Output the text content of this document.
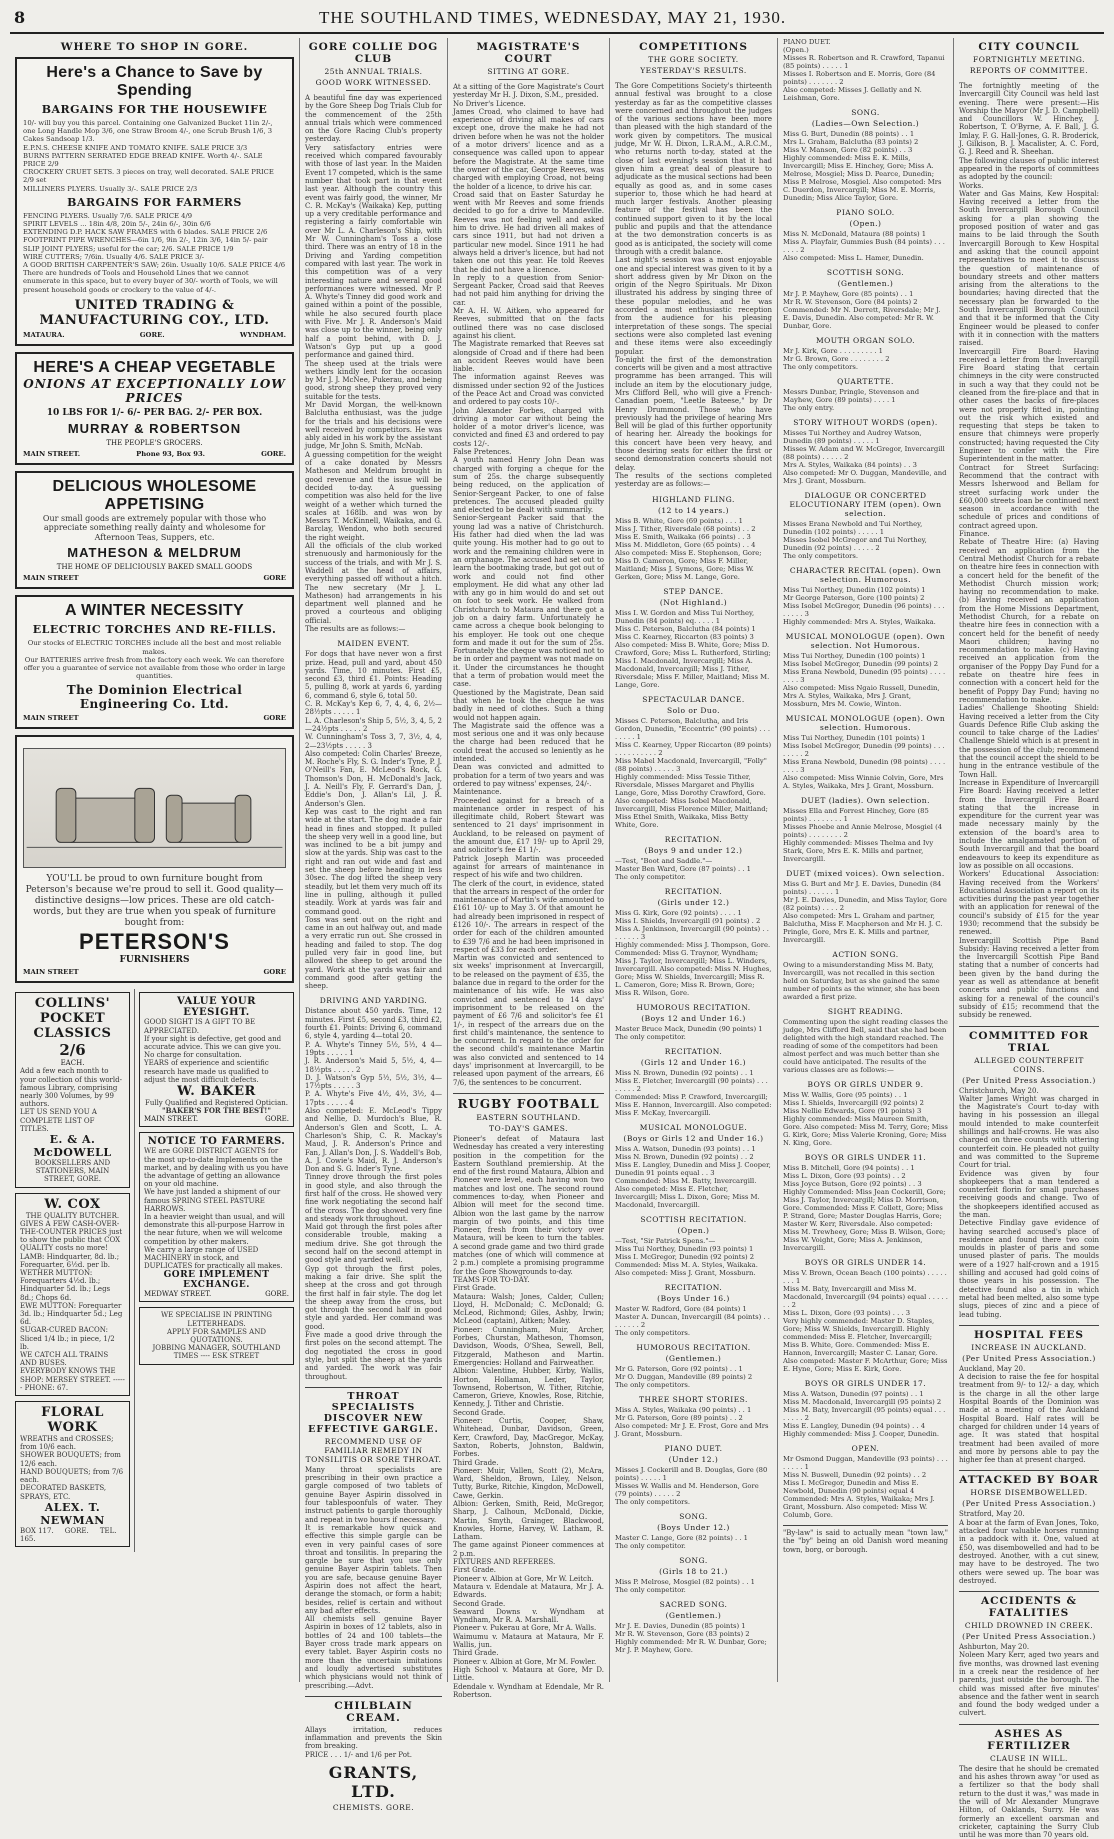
8	THE SOUTHLAND TIMES, WEDNESDAY, MAY 21, 1930.
WHERE TO SHOP IN GORE.
Here's a Chance to Save by Spending
BARGAINS FOR THE HOUSEWIFE
10/- will buy you this parcel. Containing one Galvanized Bucket 11in 2/-, one Long Handle Mop 3/6, one Straw Broom 4/-, one Scrub Brush 1/6, 3 Cakes Sandsoap 1/3.
E.P.N.S. CHEESE KNIFE AND TOMATO KNIFE. SALE PRICE 3/3
BURNS PATTERN SERRATED EDGE BREAD KNIFE. Worth 4/-. SALE PRICE 2/9
CROCKERY CRUET SETS. 3 pieces on tray, well decorated. SALE PRICE 2/9 set
MILLINERS PLYERS. Usually 3/-. SALE PRICE 2/3
BARGAINS FOR FARMERS
FENCING PLYERS. Usually 7/6. SALE PRICE 4/9
SPIRIT LEVELS ... 18in 4/8, 20in 5/-, 24in 6/-, 30in 6/6
EXTENDING D.P. HACK SAW FRAMES with 6 blades. SALE PRICE 2/6
FOOTPRINT PIPE WRENCHES—6in 1/6, 9in 2/-, 12in 3/6, 14in 5/- pair
SLIP JOINT PLYERS; useful for the car; 2/6. SALE PRICE 1/9
WIRE CUTTERS; 7/6in. Usually 4/6. SALE PRICE 3/-
A GOOD BRITISH CARPENTER'S SAW; 26in. Usually 10/6. SALE PRICE 4/6
There are hundreds of Tools and Household Lines that we cannot enumerate in this space, but to every buyer of 30/- worth of Tools, we will present household goods or crockery to the value of 4/-.
UNITED TRADING & MANUFACTURING COY., LTD.
MATAURA.	GORE.	WYNDHAM.
HERE'S A CHEAP VEGETABLE
ONIONS AT EXCEPTIONALLY LOW PRICES
10 LBS FOR 1/- 6/- PER BAG. 2/- PER BOX.
MURRAY & ROBERTSON
THE PEOPLE'S GROCERS.
MAIN STREET.	Phone 93, Box 93.	GORE.
DELICIOUS WHOLESOME APPETISING
Our small goods are extremely popular with those who appreciate something really dainty and wholesome for Afternoon Teas, Suppers, etc.
MATHESON & MELDRUM
THE HOME OF DELICIOUSLY BAKED SMALL GOODS
MAIN STREET	GORE
A WINTER NECESSITY
ELECTRIC TORCHES AND RE-FILLS.
Our stocks of ELECTRIC TORCHES include all the best and most reliable makes.
Our BATTERIES arrive fresh from the factory each week. We can therefore offer you a guarantee of service not available from those who order in large quantities.
The Dominion Electrical Engineering Co. Ltd.
MAIN STREET	GORE
YOU'LL be proud to own furniture bought from Peterson's because we're proud to sell it. Good quality—distinctive designs—low prices. These are old catch-words, but they are true when you speak of furniture bought from:
PETERSON'S
FURNISHERS
MAIN STREET	GORE
COLLINS' POCKET CLASSICS
2/6
EACH.
Add a few each month to your collection of this world-famous Library, comprising nearly 300 Volumes, by 99 authors.
LET US SEND YOU A COMPLETE LIST OF TITLES.
E. & A. McDOWELL
BOOKSELLERS AND STATIONERS, MAIN STREET, GORE.
W. COX
THE QUALITY BUTCHER.
GIVES A FEW CASH-OVER-THE-COUNTER PRICES just to show the public that COX QUALITY costs no more!
LAMB: Hindquarter, 8d. lb.; Forequarter, 6½d. per lb.
WETHER MUTTON: Forequarters 4½d. lb.; Hindquarter 5d. lb.; Legs 8d.; Chops 6d.
EWE MUTTON: Forequarter 3d. lb.; Hindquarter 5d.; Leg 6d.
SUGAR-CURED BACON: Sliced 1/4 lb.; in piece, 1/2 lb.
WE CATCH ALL TRAINS AND BUSES.
EVERYBODY KNOWS THE SHOP: MERSEY STREET. ------ PHONE: 67.
FLORAL WORK
WREATHS and CROSSES; from 10/6 each.
SHOWER BOUQUETS; from 12/6 each.
HAND BOUQUETS; from 7/6 each.
DECORATED BASKETS, SPRAYS, ETC.
ALEX. T. NEWMAN
BOX 117.     GORE.     TEL. 165.
VALUE YOUR EYESIGHT.
GOOD SIGHT IS A GIFT TO BE APPRECIATED.
If your sight is defective, get good and accurate advice. This we can give you. No charge for consultation.
YEARS of experience and scientific research have made us qualified to adjust the most difficult defects.
W. BAKER
Fully Qualified and Registered Optician.
"BAKER'S FOR THE BEST!"
MAIN STREET.	GORE.
NOTICE TO FARMERS.
WE are GORE DISTRICT AGENTS for the most up-to-date Implements on the market, and by dealing with us you have the advantage of getting an allowance on your old machine.
We have just landed a shipment of our famous SPRING STEEL PASTURE HARROWS.
In a heavier weight than usual, and will demonstrate this all-purpose Harrow in the near future, when we will welcome competition by other makers.
We carry a large range of USED MACHINERY in stock, and DUPLICATES for practically all makes.
GORE IMPLEMENT EXCHANGE.
MEDWAY STREET.	GORE.
WE SPECIALISE IN PRINTING LETTERHEADS.
APPLY FOR SAMPLES AND QUOTATIONS.
JOBBING MANAGER, SOUTHLAND TIMES ---- ESK STREET
GORE COLLIE DOG CLUB
25th ANNUAL TRIALS.
GOOD WORK WITNESSED.
A beautiful fine day was experienced by the Gore Sheep Dog Trials Club for the commencement of the 25th annual trials which were commenced on the Gore Racing Club's property yesterday.
Very satisfactory entries were received which compared favourably with those of last year. In the Maiden Event 17 competed, which is the same number that took part in that event last year. Although the country this event was fairly good, the winner, Mr C. R. McKay's (Waikaka) Kep, putting up a very creditable performance and registering a fairly comfortable win over Mr L. A. Charleson's Ship, with Mr W. Cunningham's Toss a close third. There was an entry of 18 in the Driving and Yarding competition compared with last year. The work in this competition was of a very interesting nature and several good performances were witnessed. Mr P. A. Whyte's Tinney did good work and gained within a point of the possible, while he also secured fourth place with Five. Mr J. R. Anderson's Maid was close up to the winner, being only half a point behind, with D. J. Watson's Gyp put up a good performance and gained third.
The sheep used at the trials were wethers kindly lent for the occasion by Mr J. J. McNee, Pukerau, and being good, strong sheep they proved very suitable for the tests.
Mr David Morgan, the well-known Balclutha enthusiast, was the judge for the trials and his decisions were well received by competitors. He was ably aided in his work by the assistant judge, Mr John S. Smith, McNab.
A guessing competition for the weight of a cake donated by Messrs Matheson and Meldrum brought in good revenue and the issue will be decided to-day. A guessing competition was also held for the live weight of a wether which turned the scales at 168lb. and was won by Messrs T. McKinnell, Waikaka, and G. Barclay, Wendon, who both secured the right weight.
All the officials of the club worked strenuously and harmoniously for the success of the trials, and with Mr J. S. Waddell at the head of affairs, everything passed off without a hitch. The new secretary (Mr J. L. Matheson) had arrangements in his department well planned and he proved a courteous and obliging official.
The results are as follows:—
MAIDEN EVENT.
For dogs that have never won a first prize. Head, pull and yard, about 450 yards. Time, 10 minutes. First £5, second £3, third £1. Points: Heading 5, pulling 8, work at yards 6, yarding 6, command 6, style 6, total 50.
C. R. McKay's Kep 6, 7, 4, 4, 6, 2½—28½pts . . . . . 1
L. A. Charleson's Ship 5, 5½, 3, 4, 5, 2—24½pts . . . . . 2
W. Cunningham's Toss 3, 7, 3½, 4, 4, 2—23½pts . . . . . 3
Also competed: Colin Charles' Breeze, M. Roche's Fly, S. G. Inder's Tyne, P. J. O'Neill's Fan, E. McLeod's Rock, G. Thomson's Don, H. McDonald's Jack, J. A. Neill's Fly, F. Gerrard's Dan, J. Eddie's Don, J. Allan's Lil, J. R. Anderson's Glen.
Kep was cast to the right and ran wide at the start. The dog made a fair head in fines and stopped. It pulled the sheep very well in a good line, but was inclined to be a bit jumpy and slow at the yards. Ship was cast to the right and ran out wide and fast and set the sheep before heading in less 30sec. The dog lifted the sheep very steadily, but let them very much off its line in pulling, although it pulled steadily. Work at yards was fair and command good.
Toss was sent out on the right and came in an out halfway out, and made a very erratic run out. She crossed in heading and failed to stop. The dog pulled very fair in good line, but allowed the sheep to get around the yard. Work at the yards was fair and command good after getting the sheep.
DRIVING AND YARDING.
Distance about 450 yards. Time, 12 minutes. First £5, second £3, third £2, fourth £1. Points: Driving 6, command 6, style 4, yarding 4—total 20.
P. A. Whyte's Tinney 5½, 5½, 4 4—19pts . . . . . 1
J. R. Anderson's Maid 5, 5½, 4, 4—18½pts . . . . . 2
D. J. Watson's Gyp 5½, 5½, 3½, 4—17½pts . . . . . 3
P. A. Whyte's Five 4½, 4½, 3½, 4—17pts . . . . . 4
Also competed: E. McLeod's Tippy and Nellie, D. Murdoch's Blue, R. Anderson's Glen and Scott, L. A. Charleson's Ship, C. R. Mackay's Maud, J. R. Anderson's Prince and Fan, J. Allan's Don, J. S. Waddell's Bob, A. J. Cowie's Maid, R. J. Anderson's Don and S. G. Inder's Tyne.
Tinney drove through the first poles in good style, and also through the first half of the cross. He showed very fine work negotiating the second half of the cross. The dog showed very fine and steady work throughout.
Maid got through the first poles after considerable trouble, making a medium drive. She got through the second half on the second attempt in good style and yarded well.
Gyp got through the first poles, making a fair drive. She split the sheep at the cross and got through the first half in fair style. The dog let the sheep away from the cross, but got through the second half in good style and yarded. Her command was good.
Five made a good drive through the first poles on the second attempt. The dog negotiated the cross in good style, but split the sheep at the yards and yarded. The work was fair throughout.
THROAT SPECIALISTS DISCOVER NEW EFFECTIVE GARGLE.
RECOMMEND USE OF FAMILIAR REMEDY IN TONSILITIS OR SORE THROAT.
Many throat specialists are prescribing in their own practice a gargle composed of two tablets of genuine Bayer Aspirin dissolved in four tablespoonfuls of water. They instruct patients to gargle thoroughly and repeat in two hours if necessary.
It is remarkable how quick and effective this simple gargle can be even in very painful cases of sore throat and tonsilitis. In preparing the gargle be sure that you use only genuine Bayer Aspirin tablets. Then you are safe, because genuine Bayer Aspirin does not affect the heart, derange the stomach, or form a habit; besides, relief is certain and without any bad after effects.
All chemists sell genuine Bayer Aspirin in boxes of 12 tablets, also in bottles of 24 and 100 tablets—the Bayer cross trade mark appears on every tablet. Bayer Aspirin costs no more than the uncertain imitations and loudly advertised substitutes which physicians would not think of prescribing.—Advt.
CHILBLAIN CREAM.
Allays irritation, reduces inflammation and prevents the Skin from breaking.
PRICE . . . 1/- and 1/6 per Pot.
GRANTS, LTD.
CHEMISTS. GORE.
MAGISTRATE'S COURT
SITTING AT GORE.
At a sitting of the Gore Magistrate's Court yesterday Mr H. J. Dixon, S.M., presided.
No Driver's Licence.
James Croad, who claimed to have had experience of driving all makes of cars except one, drove the make he had not driven before when he was not the holder of a motor drivers' licence and as a consequence was called upon to appear before the Magistrate. At the same time the owner of the car, George Reeves, was charged with employing Croad, not being the holder of a licence, to drive his car.
Croad said that on Easter Saturday he went with Mr Reeves and some friends decided to go for a drive to Mandeville. Reeves was not feeling well and asked him to drive. He had driven all makes of cars since 1911, but had not driven a particular new model. Since 1911 he had always held a driver's licence, but had not taken one out this year. He told Reeves that he did not have a licence.
In reply to a question from Senior-Sergeant Packer, Croad said that Reeves had not paid him anything for driving the car.
Mr A. H. W. Aitken, who appeared for Reeves, submitted that on the facts outlined there was no case disclosed against his client.
The Magistrate remarked that Reeves sat alongside of Croad and if there had been an accident Reeves would have been liable.
The information against Reeves was dismissed under section 92 of the Justices of the Peace Act and Croad was convicted and ordered to pay costs 10/-.
John Alexander Forbes, charged with driving a motor car without being the holder of a motor driver's licence, was convicted and fined £3 and ordered to pay costs 12/-.
False Pretences.
A youth named Henry John Dean was charged with forging a cheque for the sum of 25s. the charge subsequently being reduced, on the application of Senior-Sergeant Packer, to one of false pretences. The accused pleaded guilty and elected to be dealt with summarily.
Senior-Sergeant Packer said that the young lad was a native of Christchurch. His father had died when the lad was quite young. His mother had to go out to work and the remaining children were in an orphanage. The accused had set out to learn the bootmaking trade, but got out of work and could not find other employment. He did what any other lad with any go in him would do and set out on foot to seek work. He walked from Christchurch to Mataura and there got a job on a dairy farm. Unfortunately he came across a cheque book belonging to his employer. He took out one cheque form and made it out for the sum of 25s. Fortunately the cheque was noticed not to be in order and payment was not made on it. Under the circumstances he thought that a term of probation would meet the case.
Questioned by the Magistrate, Dean said that when he took the cheque he was badly in need of clothes. Such a thing would not happen again.
The Magistrate said the offence was a most serious one and it was only because the charge had been reduced that he could treat the accused so leniently as he intended.
Dean was convicted and admitted to probation for a term of two years and was ordered to pay witness' expenses, 24/-.
Maintenance.
Proceeded against for a breach of a maintenance order in respect of his illegitimate child, Robert Stewart was sentenced to 21 days' imprisonment in Auckland, to be released on payment of the amount due, £17 19/- up to April 29, and solicitor's fee £1 1/-.
Patrick Joseph Martin was proceeded against for arrears of maintenance in respect of his wife and two children.
The clerk of the court, in evidence, stated that the arrears in respect of the order for maintenance of Martin's wife amounted to £161 10/- up to May 3. Of that amount he had already been imprisoned in respect of £126 10/-. The arrears in respect of the order for each of the children amounted to £39 7/6 and he had been imprisoned in respect of £33 for each order.
Martin was convicted and sentenced to six weeks' imprisonment at Invercargill, to be released on the payment of £35, the balance due in regard to the order for the maintenance of his wife. He was also convicted and sentenced to 14 days' imprisonment to be released on the payment of £6 7/6 and solicitor's fee £1 1/-, in respect of the arrears due on the first child's maintenance, the sentence to be concurrent. In regard to the order for the second child's maintenance Martin was also convicted and sentenced to 14 days' imprisonment at Invercargill, to be released upon payment of the arrears, £6 7/6, the sentences to be concurrent.
RUGBY FOOTBALL
EASTERN SOUTHLAND.
TO-DAY'S GAMES.
Pioneer's defeat of Mataura last Wednesday has created a very interesting position in the competition for the Eastern Southland premiership. At the end of the first round Mataura, Albion and Pioneer were level, each having won two matches and lost one. The second round commences to-day, when Pioneer and Albion will meet for the second time. Albion won the last game by the narrow margin of two points, and this time Pioneer, fresh from their victory over Mataura, will be keen to turn the tables. A second grade game and two third grade matches (one of which will commence at 2 p.m.) complete a promising programme for the Gore Showgrounds to-day.
TEAMS FOR TO-DAY.
First Grade.
Mataura: Walsh; Jones, Calder, Cullen; Lloyd, H. McDonald; C. McDonald; G. McLeod, Richmond; Giles, Ashby, Irwin; McLeod (captain), Aitken; Maley.
Pioneer: Cunningham, Muir, Archer, Forbes, Churstan, Matheson, Thomson, Davidson, Woods, O'Shea, Sewell, Bell, Fitzgerald, Matheson and Martin. Emergencies: Holland and Fairweather.
Albion: Valentine, Hubber, Kirby, Wallis, Horton, Hollaman, Leder, Taylor, Townsend, Robertson, W. Tither, Ritchie, Cameron, Grieve, Knowles, Rose, Ritchie, Kennedy, J. Tither and Christie.
Second Grade.
Pioneer: Curtis, Cooper, Shaw, Whitehead, Dunbar, Davidson, Green, Kerr, Crawford, Day, MacGregor, McKay, Saxton, Roberts, Johnston, Baldwin, Forbes.
Third Grade.
Pioneer: Muir, Vallen, Scott (2), McAra, Ward, Sheldon, Brown, Liley, Nelson, Tutty, Burke, Ritchie, Kingdon, McDowell, Cawe, Gerkin.
Albion: Gerken, Smith, Reid, McGregor, Sharp, J. Calhoun, McDonald, Dickie, Martin, Smyth, Grainger, Blackwood, Knowles, Horne, Harvey, W. Latham, R. Latham.
The game against Pioneer commences at 2 p.m.
FIXTURES AND REFEREES.
First Grade.
Pioneer v. Albion at Gore, Mr W. Leitch.
Mataura v. Edendale at Mataura, Mr J. A. Edwards.
Second Grade.
Seaward Downs v. Wyndham at Wyndham, Mr R. A. Marshall.
Pioneer v. Pukerau at Gore, Mr A. Walls.
Waimumu v. Mataura at Mataura, Mr F. Wallis, jun.
Third Grade.
Pioneer v. Albion at Gore, Mr M. Fowler.
High School v. Mataura at Gore, Mr D. Little.
Edendale v. Wyndham at Edendale, Mr R. Robertson.
COMPETITIONS
THE GORE SOCIETY.
YESTERDAY'S RESULTS.
The Gore Competitions Society's thirteenth annual festival was brought to a close yesterday as far as the competitive classes were concerned and throughout the judges of the various sections have been more than pleased with the high standard of the work given by competitors. The musical judge, Mr W. H. Dixon, L.R.A.M., A.R.C.M., who returns north to-day, stated at the close of last evening's session that it had given him a great deal of pleasure to adjudicate as the musical sections had been equally as good as, and in some cases superior to, those which he had heard at much larger festivals. Another pleasing feature of the festival has been the continued support given to it by the local public and pupils and that the attendance at the two demonstration concerts is as good as is anticipated, the society will come through with a credit balance.
Last night's session was a most enjoyable one and special interest was given to it by a short address given by Mr Dixon on the origin of the Negro Spirituals. Mr Dixon illustrated his address by singing three of these popular melodies, and he was accorded a most enthusiastic reception from the audience for his pleasing interpretation of these songs. The special sections were also completed last evening and these items were also exceedingly popular.
To-night the first of the demonstration concerts will be given and a most attractive programme has been arranged. This will include an item by the elocutionary judge, Mrs Clifford Bell, who will give a French-Canadian poem, "Leetle Bateese," by Dr Henry Drummond. Those who have previously had the privilege of hearing Mrs Bell will be glad of this further opportunity of hearing her. Already the bookings for this concert have been very heavy, and those desiring seats for either the first or second demonstration concerts should not delay.
The results of the sections completed yesterday are as follows:—
HIGHLAND FLING.
(12 to 14 years.)
Miss B. White, Gore (69 points) . . . 1
Miss J. Tither, Riversdale (68 points) . . 2
Miss E. Smith, Waikaka (66 points) . . 3
Miss M. Middleton, Gore (65 points) . . 4
Also competed: Miss E. Stephenson, Gore; Miss D. Cameron, Gore; Miss F. Miller, Maitland; Miss J. Symons, Gore; Miss W. Gerken, Gore; Miss M. Lange, Gore.
STEP DANCE.
(Not Highland.)
Miss I. W. Gordon and Miss Tui Northey, Dunedin (84 points) eq. . . . . 1
Miss C. Peterson, Balclutha (84 points) 1
Miss C. Kearney, Riccarton (83 points) 3
Also competed: Miss B. White, Gore; Miss D. Crawford, Gore; Miss L. Rutherford, Stirling; Miss I. Macdonald, Invercargill; Miss A. Macdonald, Invercargill; Miss J. Tither, Riversdale; Miss F. Miller, Maitland; Miss M. Lange, Gore.
SPECTACULAR DANCE.
Solo or Duo.
Misses C. Peterson, Balclutha, and Iris Gordon, Dunedin, "Eccentric" (90 points) . . . . . . . . 1
Miss C. Kearney, Upper Riccarton (89 points) . . . . . . . . . . 2
Miss Mabel Macdonald, Invercargill, "Folly" (88 points) . . . . . 3
Highly commended: Miss Tessie Tither, Riversdale, Misses Margaret and Phyllis Lange, Gore, Miss Dorothy Crawford, Gore. Also competed: Miss Isobel Macdonald, Invercargill, Miss Florence Miller, Maitland; Miss Ethel Smith, Waikaka, Miss Betty White, Gore.
RECITATION.
(Boys 9 and under 12.)
—Test, "Boot and Saddle."—
Master Ben Ward, Gore (87 points) . . 1
The only competitor.
RECITATION.
(Girls under 12.)
Miss G. Kirk, Gore (92 points) . . . . 1
Miss I. Shields, Invercargill (91 points) . 2
Miss A. Jenkinson, Invercargill (90 points) . . . . . . . . 3
Highly commended: Miss J. Thompson, Gore. Commended: Miss G. Traynor, Wyndham; Miss J. Taylor, Invercargill; Miss L. Winders, Invercargill. Also competed: Miss N. Hughes, Gore; Miss W. Shields, Invercargill; Miss R. L. Cameron, Gore; Miss R. Brown, Gore; Miss R. Wilson, Gore.
HUMOROUS RECITATION.
(Boys 12 and Under 16.)
Master Bruce Mack, Dunedin (90 points) 1
The only competitor.
RECITATION.
(Girls 12 and Under 16.)
Miss N. Brown, Dunedin (92 points) . . 1
Miss E. Fletcher, Invercargill (90 points) . . . . . . . . 2
Commended: Miss P. Crawford, Invercargill; Miss E. Hannon, Invercargill. Also competed: Miss F. McKay, Invercargill.
MUSICAL MONOLOGUE.
(Boys or Girls 12 and Under 16.)
Miss A. Watson, Dunedin (93 points) . . 1
Miss N. Brown, Dunedin (92 points) . . 2
Miss E. Langley, Dunedin and Miss J. Cooper, Dunedin 91 points equal . . 3
Commended: Miss M. Batty, Invercargill. Also competed: Miss E. Fletcher, Invercargill; Miss L. Dixon, Gore; Miss M. Macdonald, Invercargill.
SCOTTISH RECITATION.
(Open.)
—Test, "Sir Patrick Spens."—
Miss Tui Northey, Dunedin (93 points) 1
Miss I. McGregor, Dunedin (92 points) 2
Commended: Miss M. A. Styles, Waikaka. Also competed: Miss J. Grant, Mossburn.
RECITATION.
(Boys Under 16.)
Master W. Radford, Gore (84 points) 1
Master A. Duncan, Invercargill (84 points) . . . . . . . . 2
The only competitors.
HUMOROUS RECITATION.
(Gentlemen.)
Mr G. Paterson, Gore (92 points) . . 1
Mr O. Duggan, Mandeville (89 points) 2
The only competitors.
THREE SHORT STORIES.
Miss A. Styles, Waikaka (90 points) . . 1
Mr G. Paterson, Gore (89 points) . . 2
Also competed: Mr J. E. Frost, Gore and Mrs J. Grant, Mossburn.
PIANO DUET.
(Under 12.)
Misses J. Cockerill and B. Douglas, Gore (80 points) . . . . . 1
Misses W. Wallis and M. Henderson, Gore (79 points) . . . . . 2
The only competitors.
SONG.
(Boys Under 12.)
Master C. Lange, Gore (82 points) . . 1
The only competitor.
SONG.
(Girls 18 to 21.)
Miss P. Melrose, Mosgiel (82 points) . . 1
The only competitor.
SACRED SONG.
(Gentlemen.)
Mr J. E. Davies, Dunedin (85 points) 1
Mr R. W. Stevenson, Gore (83 points) 2
Highly commended: Mr R. W. Dunbar, Gore; Mr J. P. Mayhew, Gore.
PIANO DUET.
(Open.)
Misses R. Robertson and R. Crawford, Tapanui (85 points) . . . . . 1
Misses I. Robertson and E. Morris, Gore (84 points) . . . . . . . 2
Also competed: Misses J. Gellatly and N. Leishman, Gore.
SONG.
(Ladies—Own Selection.)
Miss G. Burt, Dunedin (88 points) . . 1
Mrs L. Graham, Balclutha (83 points) 2
Miss V. Manson, Gore (82 points) . . 3
Highly commended: Miss E. K. Mills, Invercargill; Miss E. Hinchey, Gore; Miss A. Melrose, Mosgiel; Miss D. Pearce, Dunedin; Miss P. Melrose, Mosgiel. Also competed: Mrs C. Duerdon, Invercargill; Miss M. E. Morris, Dunedin; Miss Alice Taylor, Gore.
PIANO SOLO.
(Open.)
Miss N. McDonald, Mataura (88 points) 1
Miss A. Playfair, Gummies Bush (84 points) . . . . . . . 2
Also competed: Miss L. Hamer, Dunedin.
SCOTTISH SONG.
(Gentlemen.)
Mr J. P. Mayhew, Gore (85 points) . . 1
Mr R. W. Stevenson, Gore (84 points) 2
Commended: Mr N. Derrett, Riversdale; Mr J. E. Davis, Dunedin. Also competed: Mr R. W. Dunbar, Gore.
MOUTH ORGAN SOLO.
Mr J. Kirk, Gore . . . . . . . . . 1
Mr G. Brown, Gore . . . . . . . . 2
The only competitors.
QUARTETTE.
Messrs Dunbar, Pringle, Stevenson and Mayhew, Gore (89 points) . . . . 1
The only entry.
STORY WITHOUT WORDS (open).
Misses Tui Northey and Audrey Watson, Dunedin (89 points) . . . . . 1
Misses W. Adam and W. McGregor, Invercargill (88 points) . . . . . 2
Mrs A. Styles, Waikaka (84 points) . . 3
Also competed: Mr O. Duggan, Mandeville, and Mrs J. Grant, Mossburn.
DIALOGUE OR CONCERTED ELOCUTIONARY ITEM (open). Own selection.
Misses Erana Newbold and Tui Northey, Dunedin (102 points) . . . . . 1
Misses Isobel McGregor and Tui Northey, Dunedin (92 points) . . . . . 2
The only competitors.
CHARACTER RECITAL (open). Own selection. Humorous.
Miss Tui Northey, Dunedin (102 points) 1
Mr George Paterson, Gore (100 points) 2
Miss Isobel McGregor, Dunedin (96 points) . . . . . . . . 3
Highly commended: Mrs A. Styles, Waikaka.
MUSICAL MONOLOGUE (open). Own selection. Not Humorous.
Miss Tui Northey, Dunedin (100 points) 1
Miss Isobel McGregor, Dunedin (99 points) 2
Miss Erana Newbold, Dunedin (95 points) . . . . . . . . 3
Also competed: Miss Ngaio Russell, Dunedin, Mrs A. Styles, Waikaka, Mrs J. Grant, Mossburn, Mrs M. Cowie, Winton.
MUSICAL MONOLOGUE (open). Own selection. Humorous.
Miss Tui Northey, Dunedin (101 points) 1
Miss Isobel McGregor, Dunedin (99 points) . . . . . . . . 2
Miss Erana Newbold, Dunedin (98 points) . . . . . . . . 3
Also competed: Miss Winnie Colvin, Gore, Mrs A. Styles, Waikaka, Mrs J. Grant, Mossburn.
DUET (ladies). Own selection.
Misses Ella and Forrest Hinchey, Gore (85 points) . . . . . . . . 1
Misses Phoebe and Annie Melrose, Mosgiel (4 points) . . . . . . . . 2
Highly commended: Misses Thelma and Ivy Stark, Gore, Mrs E. K. Mills and partner, Invercargill.
DUET (mixed voices). Own selection.
Miss G. Burt and Mr J. E. Davies, Dunedin (84 points) . . . . . . 1
Mr J. E. Davies, Dunedin, and Miss Taylor, Gore (82 points) . . . . 2
Also competed: Mrs L. Graham and partner, Balclutha, Miss F. Macpherson and Mr H. J. C. Pringle, Gore, Mrs E. K. Mills and partner, Invercargill.
ACTION SONG.
Owing to a misunderstanding Miss M. Baty, Invercargill, was not recalled in this section held on Saturday, but as she gained the same number of points as the winner, she has been awarded a first prize.
SIGHT READING.
Commenting upon the sight reading classes the judge, Mrs Clifford Bell, said that she had been delighted with the high standard reached. The reading of some of the competitors had been almost perfect and was much better than she could have anticipated. The results of the various classes are as follows:—
BOYS OR GIRLS UNDER 9.
Miss W. Wallis, Gore (95 points) . . 1
Miss I. Shields, Invercargill (92 points) 2
Miss Nellie Edwards, Gore (91 points) 3
Highly commended: Miss Maureen Smith, Gore. Also competed: Miss M. Terry, Gore; Miss G. Kirk, Gore; Miss Valerie Kroning, Gore; Miss N. King, Gore.
BOYS OR GIRLS UNDER 11.
Miss B. Mitchell, Gore (94 points) . . 1
Miss L. Dixon, Gore (93 points) . . 2
Miss Joyce Butson, Gore (92 points) . . 3
Highly Commended: Miss Jean Cockerill, Gore; Miss J. Taylor, Invercargill; Miss D. Morrison, Gore. Commended: Miss F. Collett, Gore; Miss P. Strand, Gore; Master Douglas Harris, Gore; Master W. Kerr, Riversdale. Also competed: Miss M. Trewheey, Gore; Miss B. Wilson, Gore; Miss W. Voight, Gore; Miss A. Jenkinson, Invercargill.
BOYS OR GIRLS UNDER 14.
Miss V. Brown, Ocean Beach (100 points) . . . . . . . . 1
Miss M. Baty, Invercargill and Miss M. Macdonald, Invercargill (94 points) equal . . . . . . . 2
Miss L. Dixon, Gore (93 points) . . . 3
Very highly commended: Master D. Staples, Gore; Miss W. Shields, Invercargill. Highly commended: Miss E. Fletcher, Invercargill; Miss B. White, Gore. Commended: Miss E. Hannon, Invercargill; Master C. Lanar, Gore. Also competed: Master F. McArthur, Gore; Miss E. Hyne, Gore; Miss E. Kirk, Gore.
BOYS OR GIRLS UNDER 17.
Miss A. Watson, Dunedin (97 points) . . 1
Miss M. Macdonald, Invercargill (95 points) 2
Miss M. Baty, Invercargill (95 points) equal . . . . . . . . 2
Miss E. Langley, Dunedin (94 points) . . 4
Highly commended: Miss J. Cooper, Dunedin.
OPEN.
Mr Osmond Duggan, Mandeville (93 points) . . . . . . . . 1
Miss N. Buswell, Dunedin (92 points) . . 2
Miss I. McGregor, Dunedin and Miss E. Newbold, Dunedin (90 points) equal 4
Commended: Mrs A. Styles, Waikaka; Mrs J. Grant, Mossburn. Also competed: Miss W. Columb, Gore.
"By-law" is said to actually mean "town law," the "by" being an old Danish word meaning town, borg, or borough.
CITY COUNCIL
FORTNIGHTLY MEETING.
REPORTS OF COMMITTEE.
The fortnightly meeting of the Invercargill City Council was held last evening. There were present:—His Worship the Mayor (Mr J. D. Campbell) and Councillors W. Hinchey, J. Robertson, T. O'Byrne, A. F. Ball, J. G. Imlay, F. G. Hall-Jones, G. R. Broderick, J. Gilkison, B. J. Macalister, A. C. Ford, G. J. Reed and R. Sheehan.
The following clauses of public interest appeared in the reports of committees as adopted by the council:
Works.
Water and Gas Mains, Kew Hospital: Having received a letter from the South Invercargill Borough Council asking for a plan showing the proposed position of water and gas mains to be laid through the South Invercargill Borough to Kew Hospital and asking that the council appoint representatives to meet it to discuss the question of maintenance of boundary streets and other matters arising from the alterations to the boundaries; having directed that the necessary plan be forwarded to the South Invercargill Borough Council and that it be informed that the City Engineer would be pleased to confer with it in connection with the matters raised.
Invercargill Fire Board: Having received a letter from the Invercargill Fire Board stating that certain chimneys in the city were constructed in such a way that they could not be cleaned from the fire-place and that in other cases the backs of fire-places were not properly fitted in, pointing out the risk which existed and requesting that steps be taken to ensure that chimneys were properly constructed; having requested the City Engineer to confer with the Fire Superintendent in the matter.
Contract for Street Surfacing: Recommend that the contract with Messrs Isherwood and Bellam for street surfacing work under the £60,000 streets loan be continued next season in accordance with the schedule of prices and conditions of contract agreed upon.
Finance.
Rebate of Theatre Hire: (a) Having received an application from the Central Methodist Church for a rebate on theatre hire fees in connection with a concert held for the benefit of the Methodist Church mission work; having no recommendation to make. (b) Having received an application from the Home Missions Department, Methodist Church, for a rebate on theatre hire fees in connection with a concert held for the benefit of needy Maori children; having no recommendation to make. (c) Having received an application from the organiser of the Poppy Day Fund for a rebate on theatre hire fees in connection with a concert held for the benefit of Poppy Day Fund; having no recommendation to make.
Ladies' Challenge Shooting Shield: Having received a letter from the City Guards Defence Rifle Club asking the council to take charge of the Ladies' Challenge Shield which is at present in the possession of the club; recommend that the council accept the shield to be hung in the entrance vestibule of the Town Hall.
Increase in Expenditure of Invercargill Fire Board: Having received a letter from the Invercargill Fire Board stating that the increase in expenditure for the current year was made necessary mainly by the extension of the board's area to include the amalgamated portion of South Invercargill and that the board endeavours to keep its expenditure as low as possible on all occasions.
Workers' Educational Association: Having received from the Workers' Educational Association a report on its activities during the past year together with an application for renewal of the council's subsidy of £15 for the year 1930; recommend that the subsidy be renewed.
Invercargill Scottish Pipe Band Subsidy: Having received a letter from the Invercargill Scottish Pipe Band stating that a number of concerts had been given by the band during the year as well as attendance at benefit concerts and public functions and asking for a renewal of the council's subsidy of £15; recommend that the subsidy be renewed.
COMMITTED FOR TRIAL
ALLEGED COUNTERFEIT COINS.
(Per United Press Association.)
Christchurch, May 20.
Walter James Wright was charged in the Magistrate's Court to-day with having in his possession an illegal mould intended to make counterfeit shillings and half-crowns. He was also charged on three counts with uttering counterfeit coin. He pleaded not guilty and was committed to the Supreme Court for trial.
Evidence was given by four shopkeepers that a man tendered a counterfeit florin for small purchases receiving goods and change. Two of the shopkeepers identified accused as the man.
Detective Findlay gave evidence of having searched accused's place of residence and found there two coin moulds in plaster of paris and some unused plaster of paris. The moulds were of a 1927 half-crown and a 1915 shilling and accused had gold coins of those years in his possession. The detective found also a tin in which metal had been melted, also some type slugs, pieces of zinc and a piece of lead tubing.
HOSPITAL FEES
INCREASE IN AUCKLAND.
(Per United Press Association.)
Auckland, May 20.
A decision to raise the fee for hospital treatment from 9/- to 12/- a day, which is the charge in all the other large Hospital Boards of the Dominion was made at a meeting of the Auckland Hospital Board. Half rates will be charged for children under 14 years of age. It was stated that hospital treatment had been availed of more and more by persons able to pay the higher fee than at present charged.
ATTACKED BY BOAR
HORSE DISEMBOWELLED.
(Per United Press Association.)
Stratford, May 20.
A boar at the farm of Evan Jones, Toko, attacked four valuable horses running in a paddock with it. One, valued at £50, was disembowelled and had to be destroyed. Another, with a cut sinew, may have to be destroyed. The two others were sewed up. The boar was destroyed.
ACCIDENTS & FATALITIES
CHILD DROWNED IN CREEK.
(Per United Press Association.)
Ashburton, May 20.
Noleen Mary Kerr, aged two years and five months, was drowned last evening in a creek near the residence of her parents, just outside the borough. The child was missed after five minutes' absence and the father went in search and found the body wedged under a culvert.
ASHES AS FERTILIZER
CLAUSE IN WILL.
The desire that he should be cremated and his ashes thrown away "or used as a fertilizer so that the body shall return to the dust it was," was made in the will of Mr Alexander Mungrave Hilton, of Oaklands, Surry. He was formerly an excellent oarsman and cricketer, captaining the Surry Club until he was more than 70 years old.
